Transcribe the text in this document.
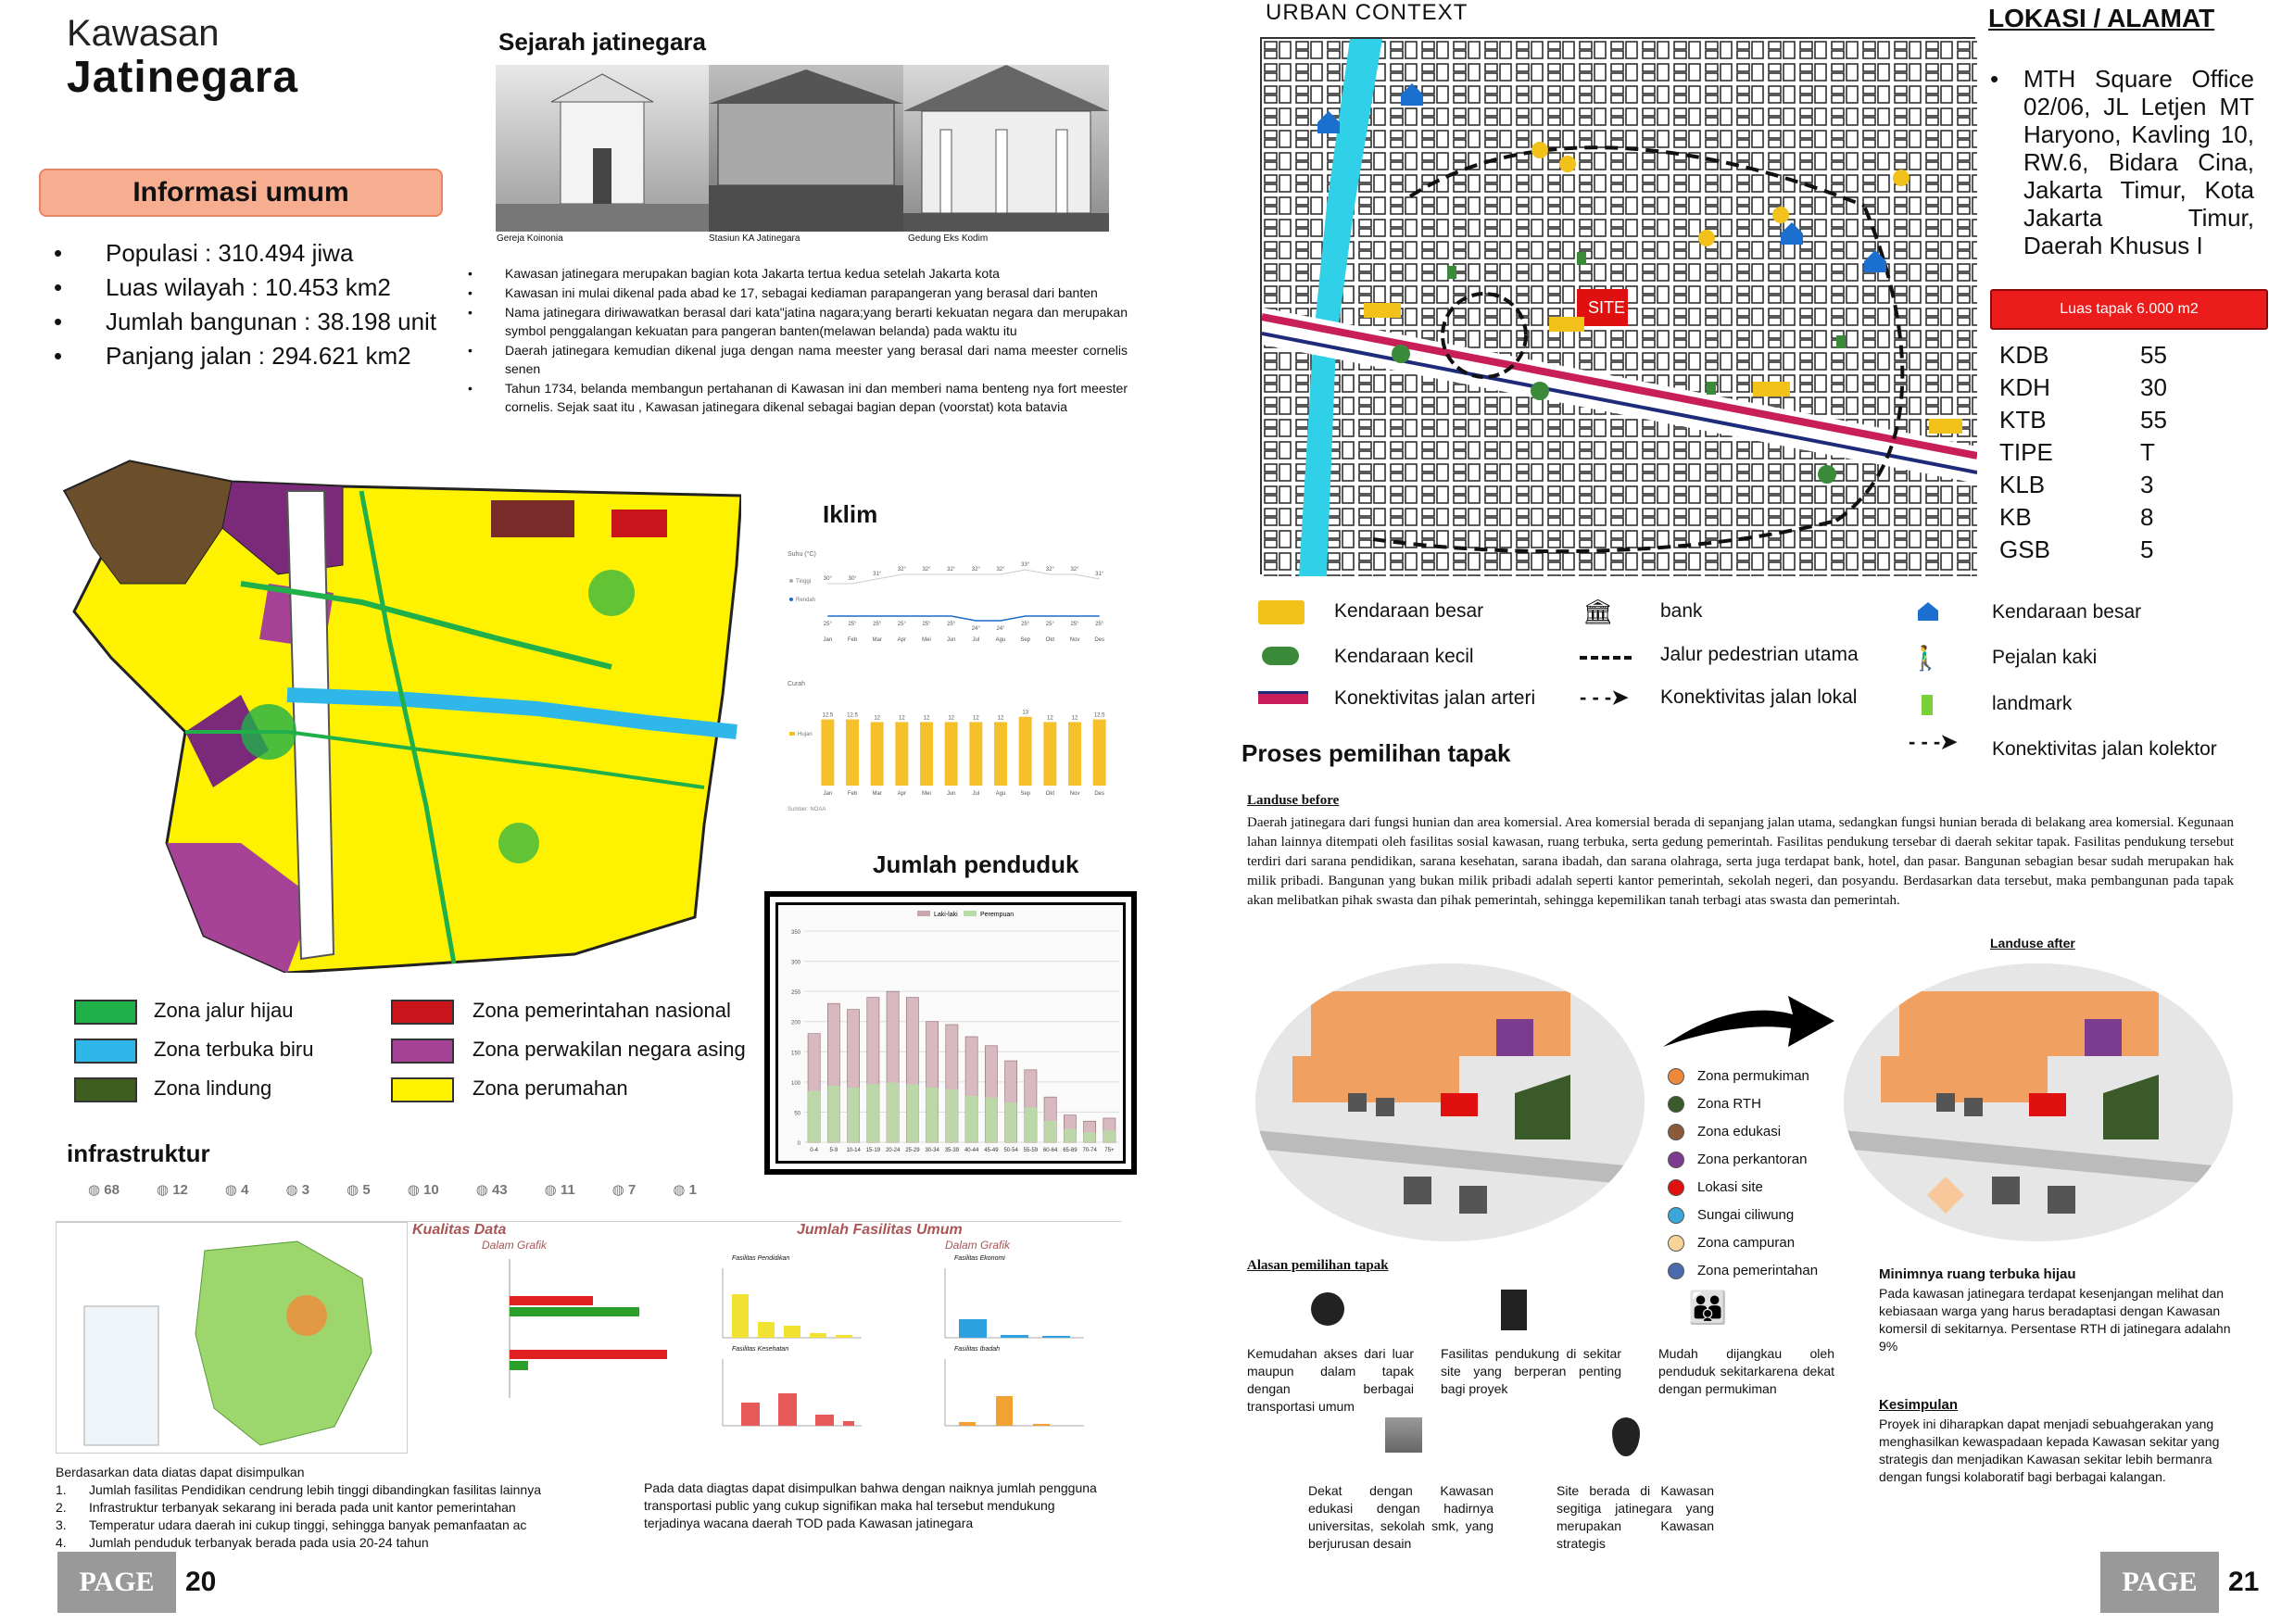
Kawasan
Jatinegara
Informasi umum
• Populasi : 310.494 jiwa
• Luas wilayah : 10.453 km2
• Jumlah bangunan : 38.198 unit
• Panjang jalan : 294.621 km2
Sejarah jatinegara
Gereja Koinonia	Stasiun KA Jatinegara	Gedung Eks Kodim
• Kawasan jatinegara merupakan bagian kota Jakarta tertua kedua setelah Jakarta kota
• Kawasan ini mulai dikenal pada abad ke 17, sebagai kediaman parapangeran yang berasal dari banten
• Nama jatinegara diriwawatkan berasal dari kata"jatina nagara;yang berarti kekuatan negara dan merupakan symbol penggalangan kekuatan para pangeran banten(melawan belanda) pada waktu itu
• Daerah jatinegara kemudian dikenal juga dengan nama meester yang berasal dari nama meester cornelis senen
• Tahun 1734, belanda membangun pertahanan di Kawasan ini dan memberi nama benteng nya fort meester cornelis. Sejak saat itu , Kawasan jatinegara dikenal sebagai bagian depan (voorstat) kota batavia
Zona jalur hijau
Zona terbuka biru
Zona lindung
Zona pemerintahan nasional
Zona perwakilan negara asing
Zona perumahan
Iklim
Suhu (°C)
Tinggi
Rendah
30°
25°
Jan
30°
25°
Feb
31°
25°
Mar
32°
25°
Apr
32°
25°
Mei
32°
25°
Jun
32°
24°
Jul
32°
24°
Agu
33°
25°
Sep
32°
25°
Okt
32°
25°
Nov
31°
25°
Des
Curah
Hujan
12.5
Jan
12.5
Feb
12
Mar
12
Apr
12
Mei
12
Jun
12
Jul
12
Agu
13
Sep
12
Okt
12
Nov
12.5
Des
Sumber: NOAA
Jumlah penduduk
0
50
100
150
200
250
300
350
Laki-laki	Perempuan
0-4 5-9 10-14 15-19 20-24 25-29 30-34 35-39 40-44 45-49 50-54 55-59 60-64 65-69 70-74 75+
infrastruktur
◍ 68	◍ 12	◍ 4	◍ 3	◍ 5	◍ 10	◍ 43	◍ 11	◍ 7	◍ 1
Kualitas Data
Dalam Grafik
Jumlah Fasilitas Umum
Dalam Grafik
Fasilitas Pendidikan	Fasilitas Ekonomi
Fasilitas Kesehatan	Fasilitas Ibadah
Berdasarkan data diatas dapat disimpulkan
1.	Jumlah fasilitas Pendidikan cendrung lebih tinggi dibandingkan fasilitas lainnya
2.	Infrastruktur terbanyak sekarang ini berada pada unit kantor pemerintahan
3.	Temperatur udara daerah ini cukup tinggi, sehingga banyak pemanfaatan ac
4.	Jumlah penduduk terbanyak berada pada usia 20-24 tahun
Pada data diagtas dapat disimpulkan bahwa dengan naiknya jumlah pengguna transportasi public yang cukup signifikan maka hal tersebut mendukung terjadinya wacana daerah TOD pada Kawasan jatinegara
PAGE	20
URBAN CONTEXT
SITE
LOKASI / ALAMAT
•	MTH Square Office 02/06, JL Letjen MT Haryono, Kavling 10, RW.6, Bidara Cina, Jakarta Timur, Kota Jakarta Timur, Daerah Khusus I
Luas tapak 6.000 m2
KDB	55
KDH	30
KTB	55
TIPE	T
KLB	3
KB	8
GSB	5
Kendaraan besar
Kendaraan kecil
Konektivitas jalan arteri
🏛 bank
Jalur pedestrian utama
- - -➤ Konektivitas jalan lokal
Kendaraan besar
🚶‍♂‍	Pejalan kaki
landmark
- - -➤ Konektivitas jalan kolektor
Proses pemilihan tapak
Landuse before
Daerah jatinegara dari fungsi hunian dan area komersial. Area komersial berada di sepanjang jalan utama, sedangkan fungsi hunian berada di belakang area komersial. Kegunaan lahan lainnya ditempati oleh fasilitas sosial kawasan, ruang terbuka, serta gedung pemerintah. Fasilitas pendukung tersebar di daerah sekitar tapak. Fasilitas pendukung tersebut terdiri dari sarana pendidikan, sarana kesehatan, sarana ibadah, dan sarana olahraga, serta juga terdapat bank, hotel, dan pasar. Bangunan sebagian besar sudah merupakan hak milik pribadi. Bangunan yang bukan milik pribadi adalah seperti kantor pemerintah, sekolah negeri, dan posyandu. Berdasarkan data tersebut, maka pembangunan pada tapak akan melibatkan pihak swasta dan pihak pemerintah, sehingga kepemilikan tanah terbagi atas swasta dan pemerintah.
Landuse after
Zona permukiman
Zona RTH
Zona edukasi
Zona perkantoran
Lokasi site
Sungai ciliwung
Zona campuran
Zona pemerintahan
Alasan pemilihan tapak
Kemudahan akses dari luar maupun dalam tapak dengan berbagai transportasi umum
Fasilitas pendukung di sekitar site yang berperan penting bagi proyek
👪
Mudah dijangkau oleh penduduk sekitarkarena dekat dengan permukiman
Dekat dengan Kawasan edukasi dengan hadirnya universitas, sekolah smk, yang berjurusan desain
Site berada di Kawasan segitiga jatinegara yang merupakan Kawasan strategis
Minimnya ruang terbuka hijau
Pada kawasan jatinegara terdapat kesenjangan melihat dan kebiasaan warga yang harus beradaptasi dengan Kawasan komersil di sekitarnya. Persentase RTH di jatinegara adalahn 9%
Kesimpulan
Proyek ini diharapkan dapat menjadi sebuahgerakan yang menghasilkan kewaspadaan kepada Kawasan sekitar yang strategis dan menjadikan Kawasan sekitar lebih bermanra dengan fungsi kolaboratif bagi berbagai kalangan.
PAGE	21
